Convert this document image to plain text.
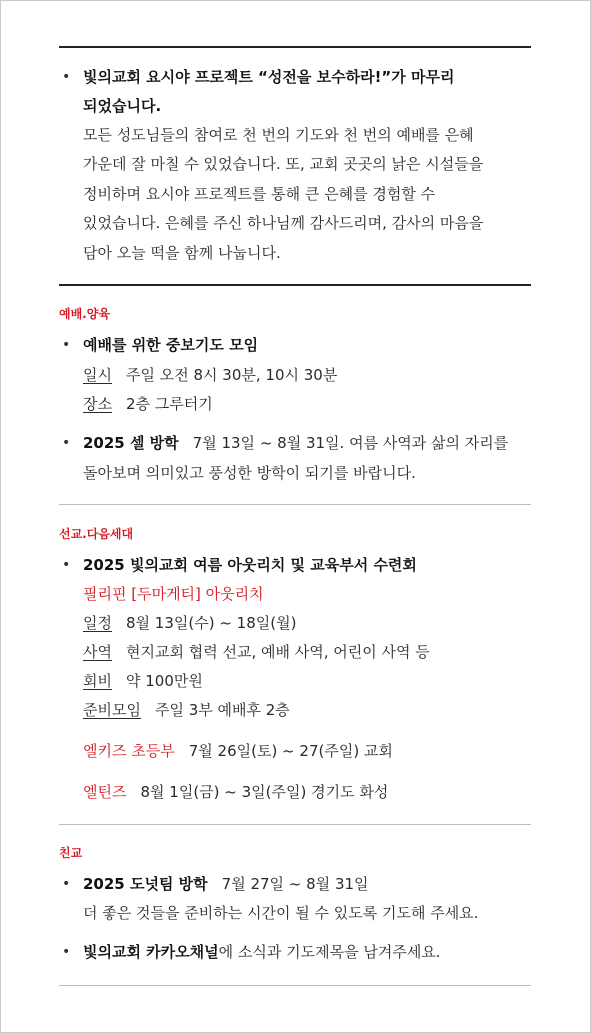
• 빛의교회 요시야 프로젝트 “성전을 보수하라!”가 마무리
되었습니다.
모든 성도님들의 참여로 천 번의 기도와 천 번의 예배를 은혜
가운데 잘 마칠 수 있었습니다. 또, 교회 곳곳의 낡은 시설들을
정비하며 요시야 프로젝트를 통해 큰 은혜를 경험할 수
있었습니다. 은혜를 주신 하나님께 감사드리며, 감사의 마음을
담아 오늘 떡을 함께 나눕니다.
예배.양육
• 예배를 위한 중보기도 모임
일시 주일 오전 8시 30분, 10시 30분
장소 2층 그루터기
• 2025 셀 방학 7월 13일 ~ 8월 31일. 여름 사역과 삶의 자리를
돌아보며 의미있고 풍성한 방학이 되기를 바랍니다.
선교.다음세대
• 2025 빛의교회 여름 아웃리치 및 교육부서 수련회
필리핀 [두마게티] 아웃리치
일정 8월 13일(수) ~ 18일(월)
사역 현지교회 협력 선교, 예배 사역, 어린이 사역 등
회비 약 100만원
준비모임 주일 3부 예배후 2층
엘키즈 초등부 7월 26일(토) ~ 27(주일) 교회
엘틴즈 8월 1일(금) ~ 3일(주일) 경기도 화성
친교
• 2025 도넛팀 방학 7월 27일 ~ 8월 31일
더 좋은 것들을 준비하는 시간이 될 수 있도록 기도해 주세요.
• 빛의교회 카카오채널에 소식과 기도제목을 남겨주세요.
